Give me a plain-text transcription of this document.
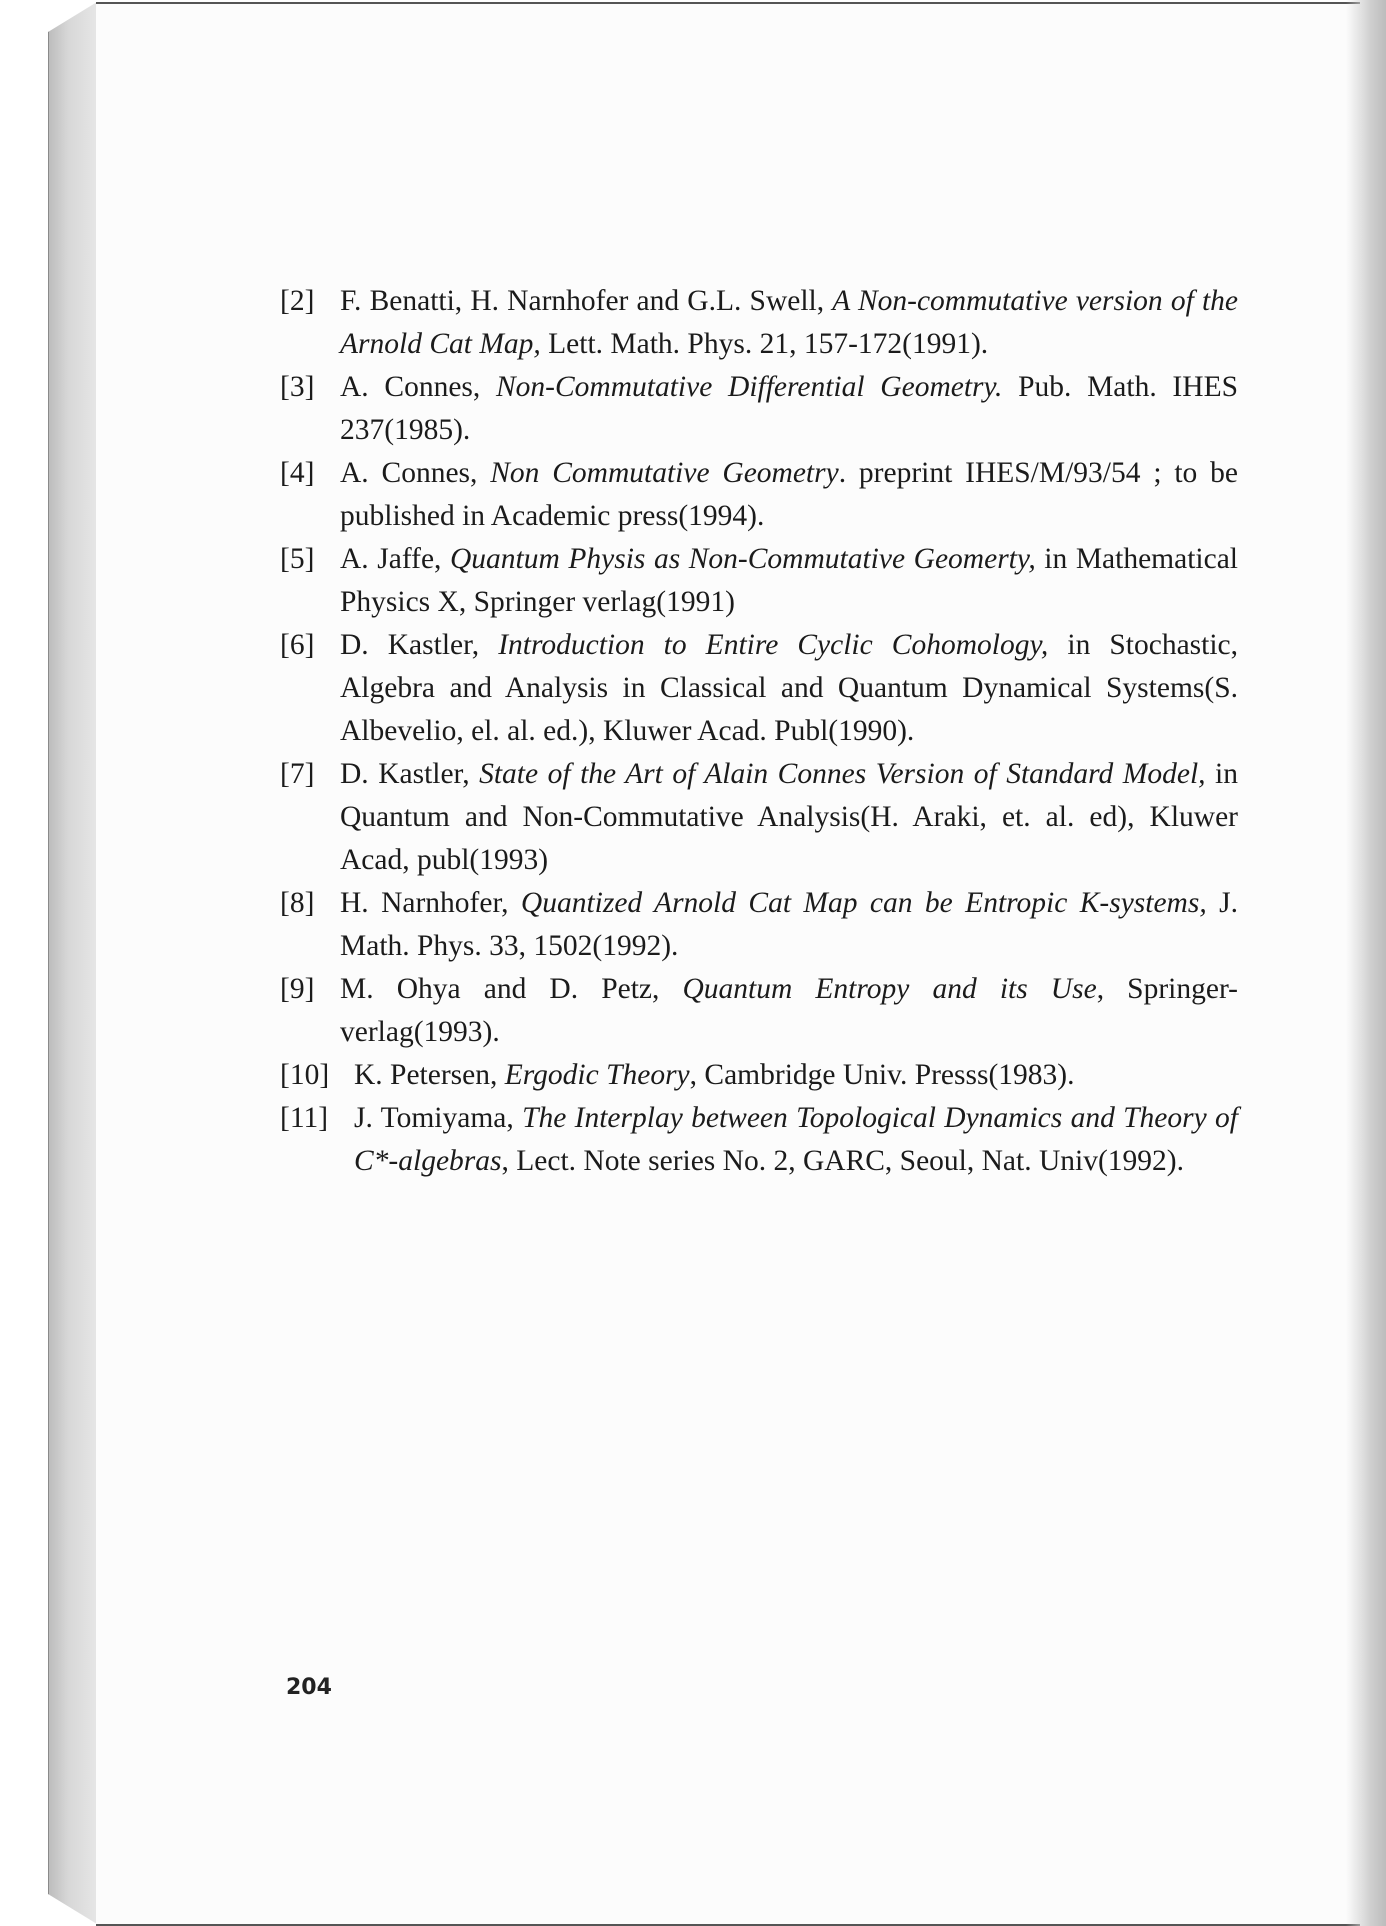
[2] F. Benatti, H. Narnhofer and G.L. Swell, A Non-commutative version of the Arnold Cat Map, Lett. Math. Phys. 21, 157-172(1991).
[3] A. Connes, Non-Commutative Differential Geometry. Pub. Math. IHES 237(1985).
[4] A. Connes, Non Commutative Geometry. preprint IHES/M/93/54 ; to be published in Academic press(1994).
[5] A. Jaffe, Quantum Physis as Non-Commutative Geomerty, in Mathematical Physics X, Springer verlag(1991)
[6] D. Kastler, Introduction to Entire Cyclic Cohomology, in Stochastic, Algebra and Analysis in Classical and Quantum Dynamical Systems(S. Albevelio, el. al. ed.), Kluwer Acad. Publ(1990).
[7] D. Kastler, State of the Art of Alain Connes Version of Standard Model, in Quantum and Non-Commutative Analysis(H. Araki, et. al. ed), Kluwer Acad, publ(1993)
[8] H. Narnhofer, Quantized Arnold Cat Map can be Entropic K-systems, J. Math. Phys. 33, 1502(1992).
[9] M. Ohya and D. Petz, Quantum Entropy and its Use, Springer-verlag(1993).
[10] K. Petersen, Ergodic Theory, Cambridge Univ. Presss(1983).
[11] J. Tomiyama, The Interplay between Topological Dynamics and Theory of C*-algebras, Lect. Note series No. 2, GARC, Seoul, Nat. Univ(1992).
204
